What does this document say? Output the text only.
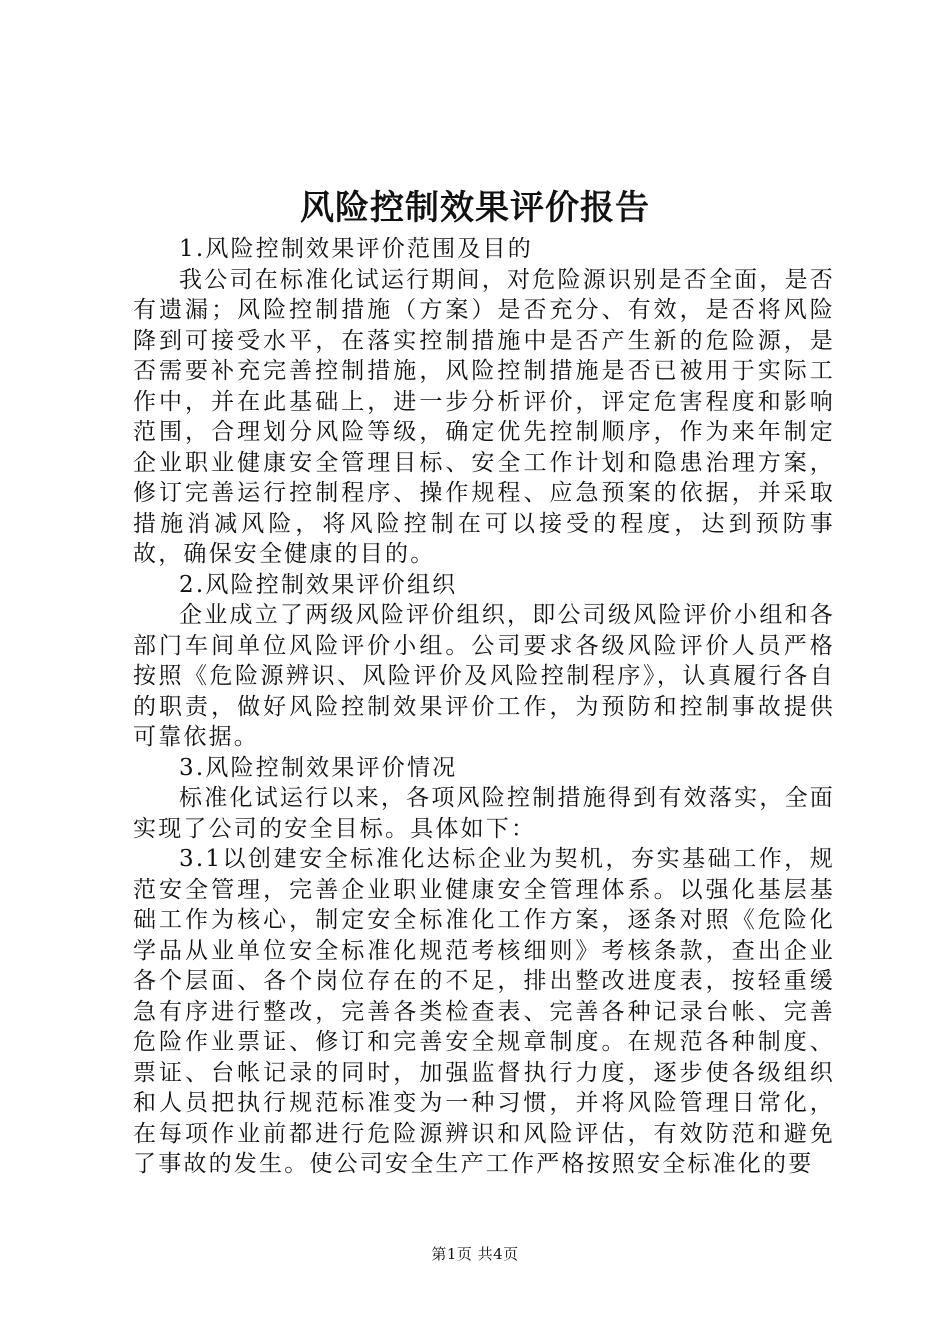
风险控制效果评价报告

1.风险控制效果评价范围及目的

我公司在标准化试运行期间，对危险源识别是否全面，是否有遗漏；风险控制措施（方案）是否充分、有效，是否将风险降到可接受水平，在落实控制措施中是否产生新的危险源，是否需要补充完善控制措施，风险控制措施是否已被用于实际工作中，并在此基础上，进一步分析评价，评定危害程度和影响范围，合理划分风险等级，确定优先控制顺序，作为来年制定企业职业健康安全管理目标、安全工作计划和隐患治理方案，修订完善运行控制程序、操作规程、应急预案的依据，并采取措施消减风险，将风险控制在可以接受的程度，达到预防事故，确保安全健康的目的。

2.风险控制效果评价组织

企业成立了两级风险评价组织，即公司级风险评价小组和各部门车间单位风险评价小组。公司要求各级风险评价人员严格按照《危险源辨识、风险评价及风险控制程序》，认真履行各自的职责，做好风险控制效果评价工作，为预防和控制事故提供可靠依据。

3.风险控制效果评价情况

标准化试运行以来，各项风险控制措施得到有效落实，全面实现了公司的安全目标。具体如下：

3.1以创建安全标准化达标企业为契机，夯实基础工作，规范安全管理，完善企业职业健康安全管理体系。以强化基层基础工作为核心，制定安全标准化工作方案，逐条对照《危险化学品从业单位安全标准化规范考核细则》考核条款，查出企业各个层面、各个岗位存在的不足，排出整改进度表，按轻重缓急有序进行整改，完善各类检查表、完善各种记录台帐、完善危险作业票证、修订和完善安全规章制度。在规范各种制度、票证、台帐记录的同时，加强监督执行力度，逐步使各级组织和人员把执行规范标准变为一种习惯，并将风险管理日常化，在每项作业前都进行危险源辨识和风险评估，有效防范和避免了事故的发生。使公司安全生产工作严格按照安全标准化的要

第1页 共4页
